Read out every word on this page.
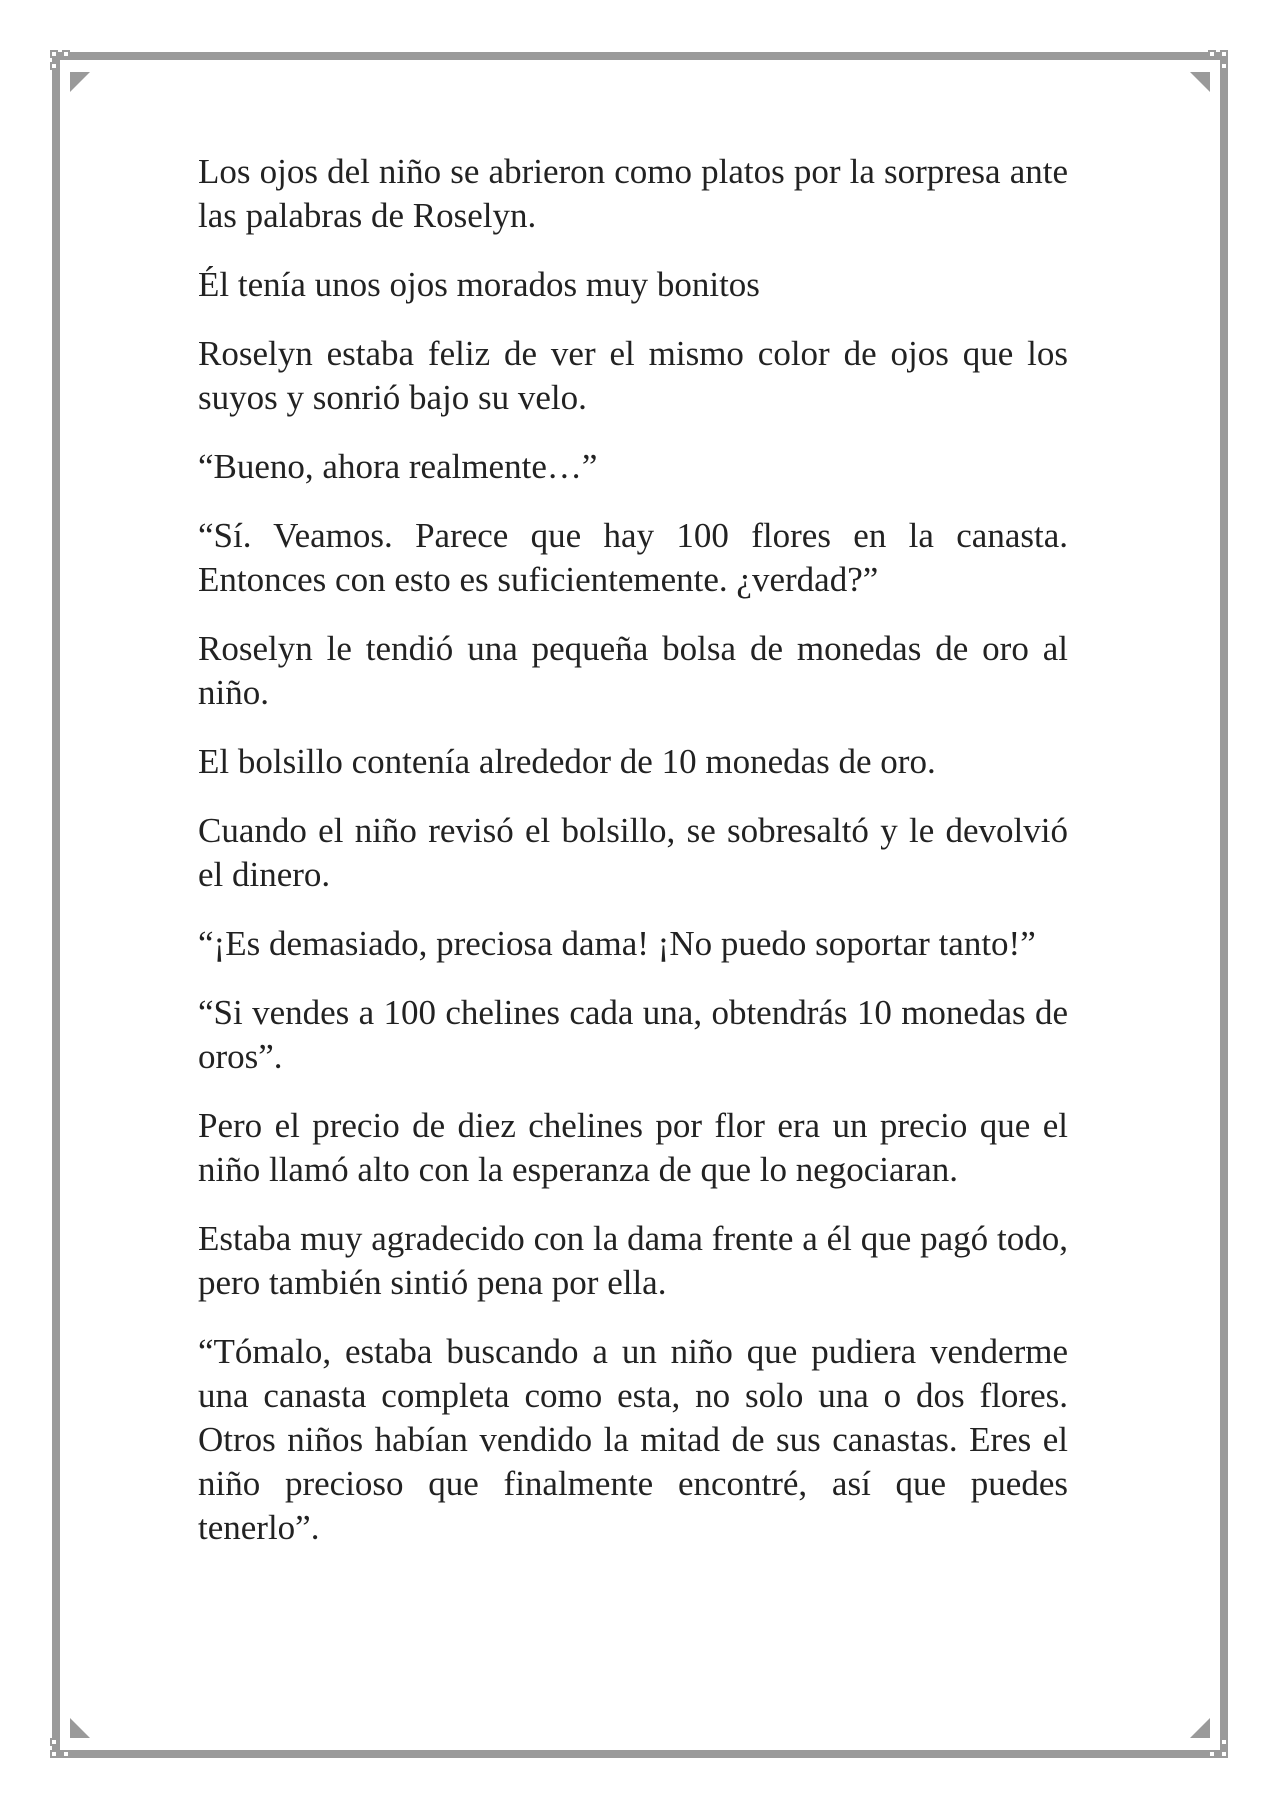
Los ojos del niño se abrieron como platos por la sorpresa ante las palabras de Roselyn.

Él tenía unos ojos morados muy bonitos

Roselyn estaba feliz de ver el mismo color de ojos que los suyos y sonrió bajo su velo.

“Bueno, ahora realmente…”

“Sí. Veamos. Parece que hay 100 flores en la canasta. Entonces con esto es suficientemente. ¿verdad?”

Roselyn le tendió una pequeña bolsa de monedas de oro al niño.

El bolsillo contenía alrededor de 10 monedas de oro.

Cuando el niño revisó el bolsillo, se sobresaltó y le devolvió el dinero.

“¡Es demasiado, preciosa dama! ¡No puedo soportar tanto!”

“Si vendes a 100 chelines cada una, obtendrás 10 monedas de oros”.

Pero el precio de diez chelines por flor era un precio que el niño llamó alto con la esperanza de que lo negociaran.

Estaba muy agradecido con la dama frente a él que pagó todo, pero también sintió pena por ella.

“Tómalo, estaba buscando a un niño que pudiera venderme una canasta completa como esta, no solo una o dos flores. Otros niños habían vendido la mitad de sus canastas. Eres el niño precioso que finalmente encontré, así que puedes tenerlo”.
